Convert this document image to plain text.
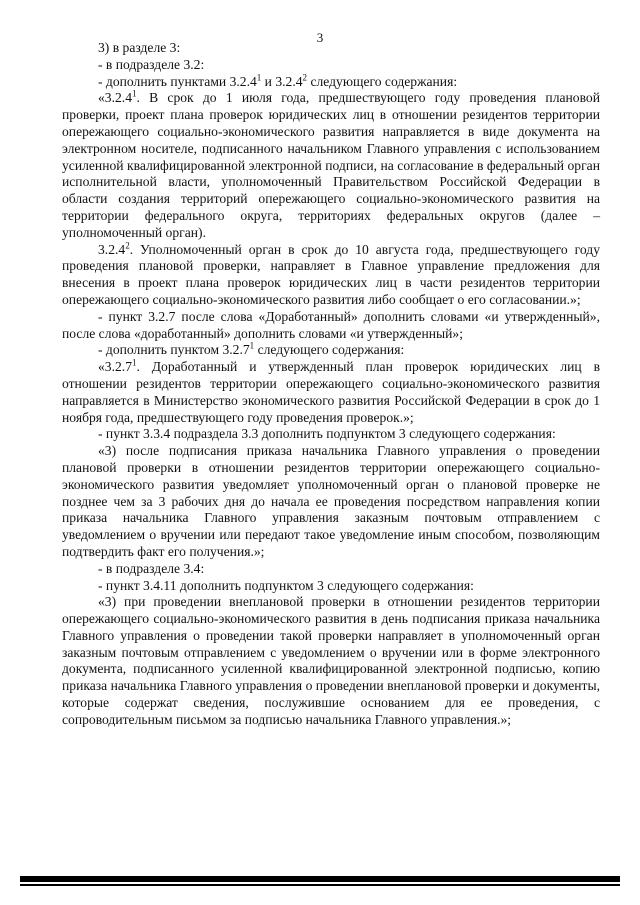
3

3) в разделе 3:

- в подразделе 3.2:

- дополнить пунктами 3.2.4$^1$ и 3.2.4$^2$ следующего содержания:

«3.2.4$^1$. В срок до 1 июля года, предшествующего году проведения плановой проверки, проект плана проверок юридических лиц в отношении резидентов территории опережающего социально-экономического развития направляется в виде документа на электронном носителе, подписанного начальником Главного управления с использованием усиленной квалифицированной электронной подписи, на согласование в федеральный орган исполнительной власти, уполномоченный Правительством Российской Федерации в области создания территорий опережающего социально-экономического развития на территории федерального округа, территориях федеральных округов (далее – уполномоченный орган).

3.2.4$^2$. Уполномоченный орган в срок до 10 августа года, предшествующего году проведения плановой проверки, направляет в Главное управление предложения для внесения в проект плана проверок юридических лиц в части резидентов территории опережающего социально-экономического развития либо сообщает о его согласовании.»;

- пункт 3.2.7 после слова «Доработанный» дополнить словами «и утвержденный», после слова «доработанный» дополнить словами «и утвержденный»;

- дополнить пунктом 3.2.7$^1$ следующего содержания:

«3.2.7$^1$. Доработанный и утвержденный план проверок юридических лиц в отношении резидентов территории опережающего социально-экономического развития направляется в Министерство экономического развития Российской Федерации в срок до 1 ноября года, предшествующего году проведения проверок.»;

- пункт 3.3.4 подраздела 3.3 дополнить подпунктом 3 следующего содержания:

«3) после подписания приказа начальника Главного управления о проведении плановой проверки в отношении резидентов территории опережающего социально-экономического развития уведомляет уполномоченный орган о плановой проверке не позднее чем за 3 рабочих дня до начала ее проведения посредством направления копии приказа начальника Главного управления заказным почтовым отправлением с уведомлением о вручении или передают такое уведомление иным способом, позволяющим подтвердить факт его получения.»;

- в подразделе 3.4:

- пункт 3.4.11 дополнить подпунктом 3 следующего содержания:

«3) при проведении внеплановой проверки в отношении резидентов территории опережающего социально-экономического развития в день подписания приказа начальника Главного управления о проведении такой проверки направляет в уполномоченный орган заказным почтовым отправлением с уведомлением о вручении или в форме электронного документа, подписанного усиленной квалифицированной электронной подписью, копию приказа начальника Главного управления о проведении внеплановой проверки и документы, которые содержат сведения, послужившие основанием для ее проведения, с сопроводительным письмом за подписью начальника Главного управления.»;
